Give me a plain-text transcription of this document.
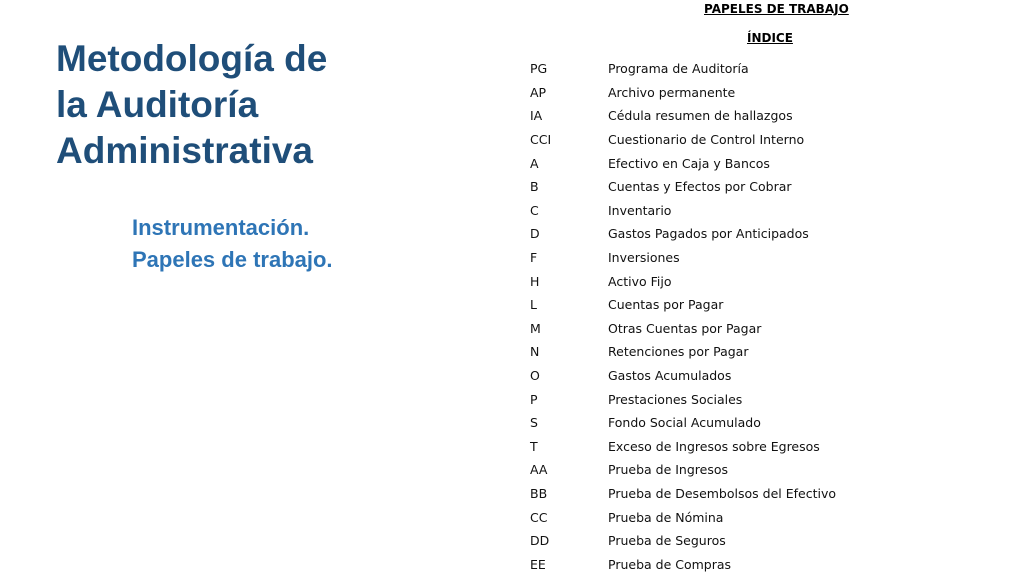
Metodología de
la Auditoría
Administrativa
Instrumentación.
Papeles de trabajo.
PAPELES DE TRABAJO
ÍNDICE
PG	Programa de Auditoría
AP	Archivo permanente
IA	Cédula resumen de hallazgos
CCI	Cuestionario de Control Interno
A	Efectivo en Caja y Bancos
B	Cuentas y Efectos por Cobrar
C	Inventario
D	Gastos Pagados por Anticipados
F	Inversiones
H	Activo Fijo
L	Cuentas por Pagar
M	Otras Cuentas por Pagar
N	Retenciones por Pagar
O	Gastos Acumulados
P	Prestaciones Sociales
S	Fondo Social Acumulado
T	Exceso de Ingresos sobre Egresos
AA	Prueba de Ingresos
BB	Prueba de Desembolsos del Efectivo
CC	Prueba de Nómina
DD	Prueba de Seguros
EE	Prueba de Compras
